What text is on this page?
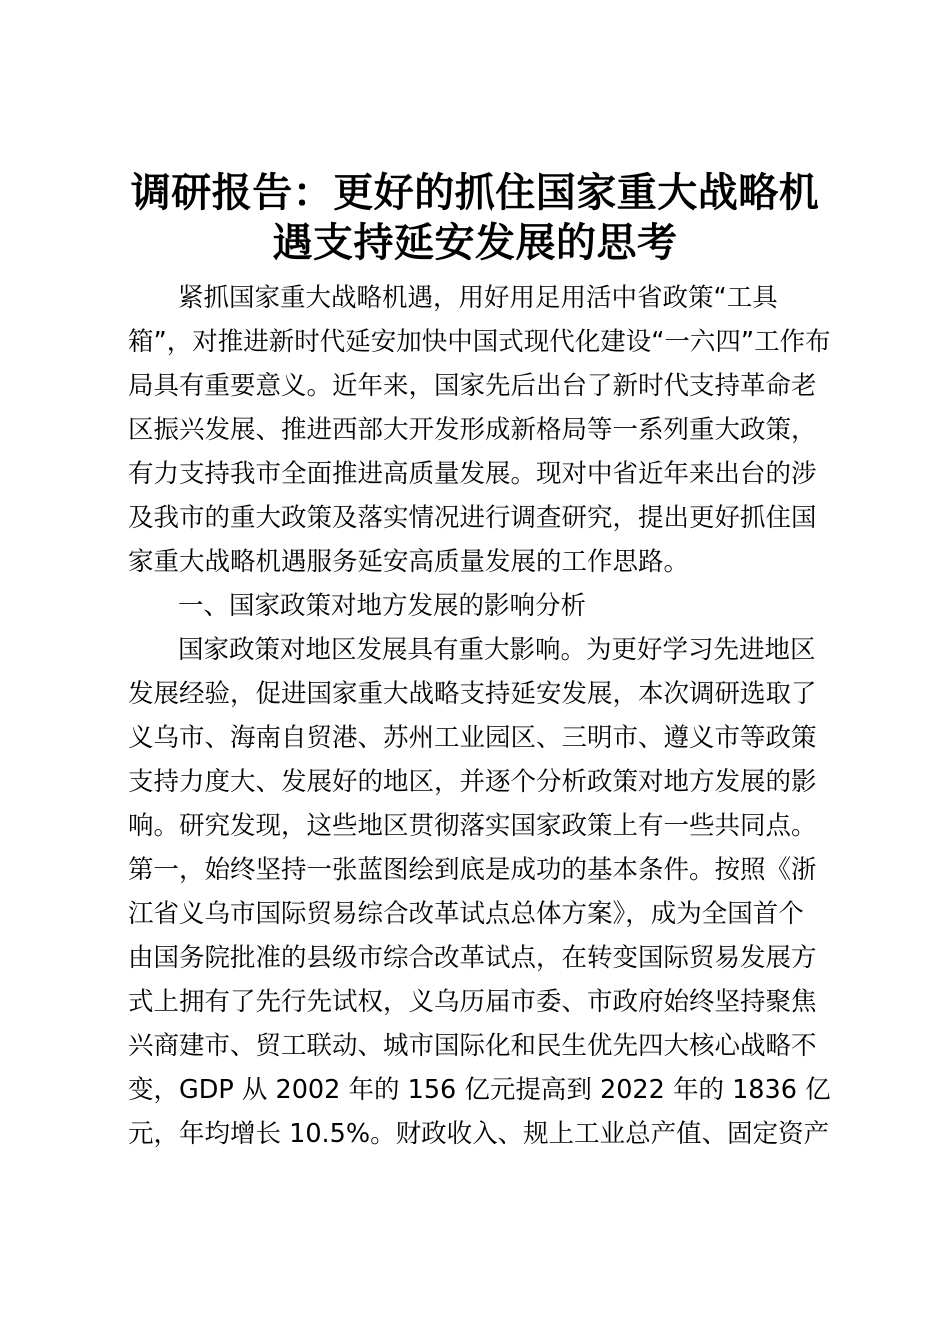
调研报告：更好的抓住国家重大战略机
遇支持延安发展的思考
紧抓国家重大战略机遇，用好用足用活中省政策“工具
箱”，对推进新时代延安加快中国式现代化建设“一六四”工作布
局具有重要意义。近年来，国家先后出台了新时代支持革命老
区振兴发展、推进西部大开发形成新格局等一系列重大政策，
有力支持我市全面推进高质量发展。现对中省近年来出台的涉
及我市的重大政策及落实情况进行调查研究，提出更好抓住国
家重大战略机遇服务延安高质量发展的工作思路。
一、国家政策对地方发展的影响分析
国家政策对地区发展具有重大影响。为更好学习先进地区
发展经验，促进国家重大战略支持延安发展，本次调研选取了
义乌市、海南自贸港、苏州工业园区、三明市、遵义市等政策
支持力度大、发展好的地区，并逐个分析政策对地方发展的影
响。研究发现，这些地区贯彻落实国家政策上有一些共同点。
第一，始终坚持一张蓝图绘到底是成功的基本条件。按照《浙
江省义乌市国际贸易综合改革试点总体方案》，成为全国首个
由国务院批准的县级市综合改革试点，在转变国际贸易发展方
式上拥有了先行先试权，义乌历届市委、市政府始终坚持聚焦
兴商建市、贸工联动、城市国际化和民生优先四大核心战略不
变，GDP 从 2002 年的 156 亿元提高到 2022 年的 1836 亿
元，年均增长 10.5%。财政收入、规上工业总产值、固定资产
